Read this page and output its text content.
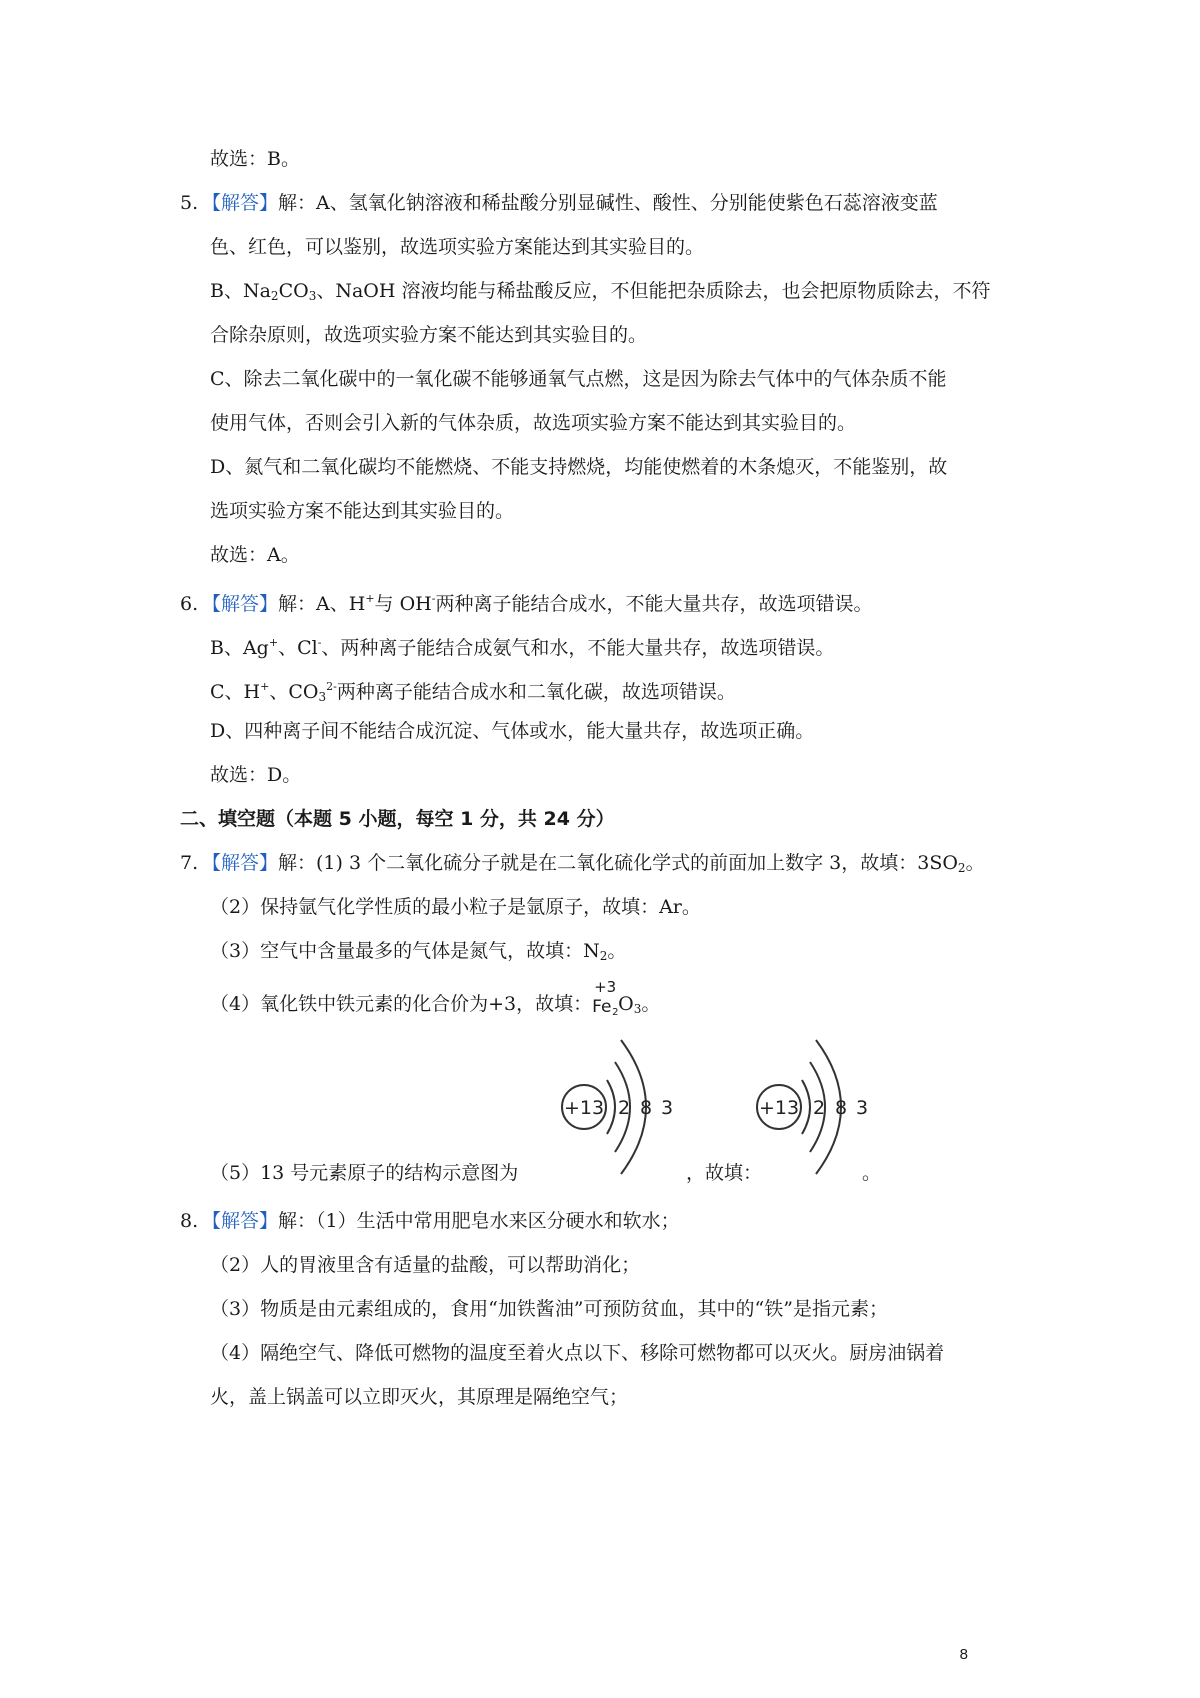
故选：B。
5. 【解答】解：A、氢氧化钠溶液和稀盐酸分别显碱性、酸性、分别能使紫色石蕊溶液变蓝
色、红色，可以鉴别，故选项实验方案能达到其实验目的。
B、$Na_2CO_3$、NaOH 溶液均能与稀盐酸反应，不但能把杂质除去，也会把原物质除去，不符
合除杂原则，故选项实验方案不能达到其实验目的。
C、除去二氧化碳中的一氧化碳不能够通氧气点燃，这是因为除去气体中的气体杂质不能
使用气体，否则会引入新的气体杂质，故选项实验方案不能达到其实验目的。
D、氮气和二氧化碳均不能燃烧、不能支持燃烧，均能使燃着的木条熄灭，不能鉴别，故
选项实验方案不能达到其实验目的。
故选：A。
6. 【解答】解：A、H+与 OH-两种离子能结合成水，不能大量共存，故选项错误。
B、Ag+、Cl-、两种离子能结合成氨气和水，不能大量共存，故选项错误。
C、H+、$CO_3^{2-}$两种离子能结合成水和二氧化碳，故选项错误。
D、四种离子间不能结合成沉淀、气体或水，能大量共存，故选项正确。
故选：D。
二、填空题（本题 5 小题，每空 1 分，共 24 分）
7. 【解答】解：(1) 3 个二氧化硫分子就是在二氧化硫化学式的前面加上数字 3，故填：$3SO_2$。
（2）保持氩气化学性质的最小粒子是氩原子，故填：Ar。
（3）空气中含量最多的气体是氮气，故填：$N_2$。
（4）氧化铁中铁元素的化合价为+3，故填：
+3
Fe 2 $O_3$。
+13 2 8 3	+13 2 8 3
（5）13 号元素原子的结构示意图为	，故填：	。
8. 【解答】解：（1）生活中常用肥皂水来区分硬水和软水；
（2）人的胃液里含有适量的盐酸，可以帮助消化；
（3）物质是由元素组成的，食用“加铁酱油”可预防贫血，其中的“铁”是指元素；
（4）隔绝空气、降低可燃物的温度至着火点以下、移除可燃物都可以灭火。厨房油锅着
火，盖上锅盖可以立即灭火，其原理是隔绝空气；
8
